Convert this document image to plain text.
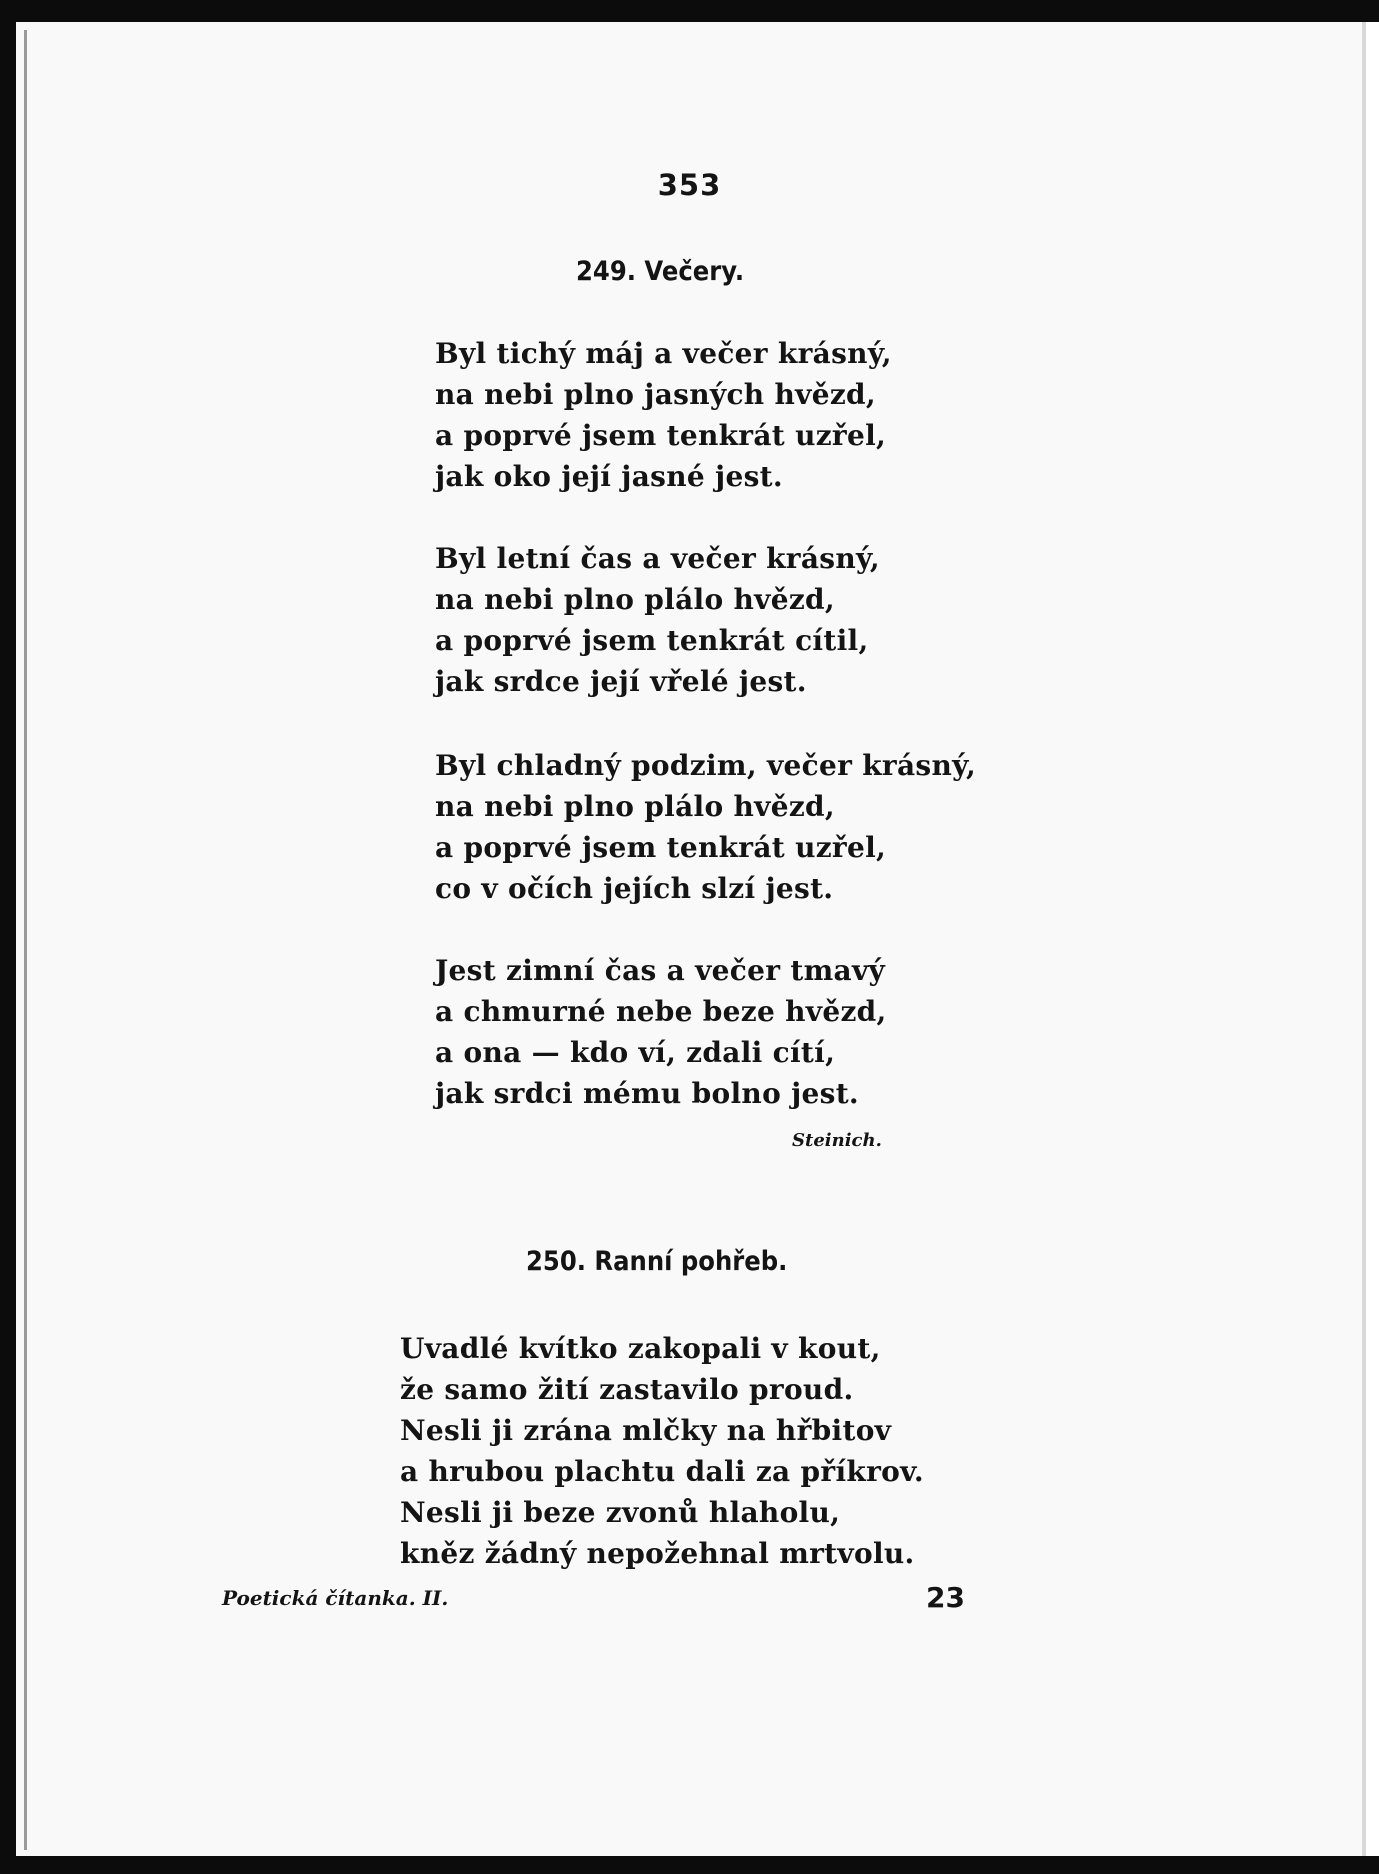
353
249. Večery.
Byl tichý máj a večer krásný,
na nebi plno jasných hvězd,
a poprvé jsem tenkrát uzřel,
jak oko její jasné jest.
Byl letní čas a večer krásný,
na nebi plno plálo hvězd,
a poprvé jsem tenkrát cítil,
jak srdce její vřelé jest.
Byl chladný podzim, večer krásný,
na nebi plno plálo hvězd,
a poprvé jsem tenkrát uzřel,
co v očích jejích slzí jest.
Jest zimní čas a večer tmavý
a chmurné nebe beze hvězd,
a ona — kdo ví, zdali cítí,
jak srdci mému bolno jest.
Steinich.
250. Ranní pohřeb.
Uvadlé kvítko zakopali v kout,
že samo žití zastavilo proud.
Nesli ji zrána mlčky na hřbitov
a hrubou plachtu dali za příkrov.
Nesli ji beze zvonů hlaholu,
kněz žádný nepožehnal mrtvolu.
Poetická čítanka. II.	23
